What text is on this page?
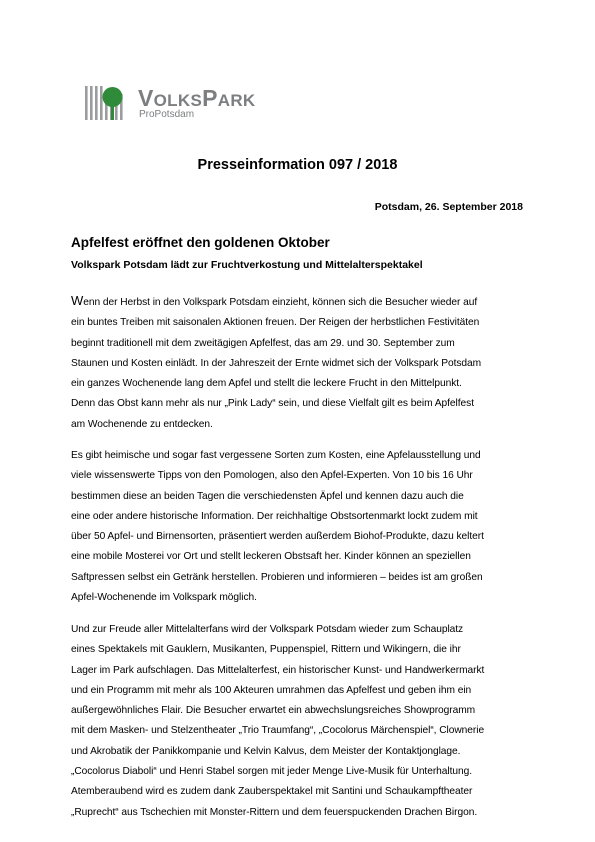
VOLKSPARK
ProPotsdam
Presseinformation 097 / 2018
Potsdam, 26. September 2018
Apfelfest eröffnet den goldenen Oktober
Volkspark Potsdam lädt zur Fruchtverkostung und Mittelalterspektakel
Wenn der Herbst in den Volkspark Potsdam einzieht, können sich die Besucher wieder auf
ein buntes Treiben mit saisonalen Aktionen freuen. Der Reigen der herbstlichen Festivitäten
beginnt traditionell mit dem zweitägigen Apfelfest, das am 29. und 30. September zum
Staunen und Kosten einlädt. In der Jahreszeit der Ernte widmet sich der Volkspark Potsdam
ein ganzes Wochenende lang dem Apfel und stellt die leckere Frucht in den Mittelpunkt.
Denn das Obst kann mehr als nur „Pink Lady“ sein, und diese Vielfalt gilt es beim Apfelfest
am Wochenende zu entdecken.
Es gibt heimische und sogar fast vergessene Sorten zum Kosten, eine Apfelausstellung und
viele wissenswerte Tipps von den Pomologen, also den Apfel-Experten. Von 10 bis 16 Uhr
bestimmen diese an beiden Tagen die verschiedensten Äpfel und kennen dazu auch die
eine oder andere historische Information. Der reichhaltige Obstsortenmarkt lockt zudem mit
über 50 Apfel- und Birnensorten, präsentiert werden außerdem Biohof-Produkte, dazu keltert
eine mobile Mosterei vor Ort und stellt leckeren Obstsaft her. Kinder können an speziellen
Saftpressen selbst ein Getränk herstellen. Probieren und informieren – beides ist am großen
Apfel-Wochenende im Volkspark möglich.
Und zur Freude aller Mittelalterfans wird der Volkspark Potsdam wieder zum Schauplatz
eines Spektakels mit Gauklern, Musikanten, Puppenspiel, Rittern und Wikingern, die ihr
Lager im Park aufschlagen. Das Mittelalterfest, ein historischer Kunst- und Handwerkermarkt
und ein Programm mit mehr als 100 Akteuren umrahmen das Apfelfest und geben ihm ein
außergewöhnliches Flair. Die Besucher erwartet ein abwechslungsreiches Showprogramm
mit dem Masken- und Stelzentheater „Trio Traumfang“, „Cocolorus Märchenspiel“, Clownerie
und Akrobatik der Panikkompanie und Kelvin Kalvus, dem Meister der Kontaktjonglage.
„Cocolorus Diaboli“ und Henri Stabel sorgen mit jeder Menge Live-Musik für Unterhaltung.
Atemberaubend wird es zudem dank Zauberspektakel mit Santini und Schaukampftheater
„Ruprecht“ aus Tschechien mit Monster-Rittern und dem feuerspuckenden Drachen Birgon.
